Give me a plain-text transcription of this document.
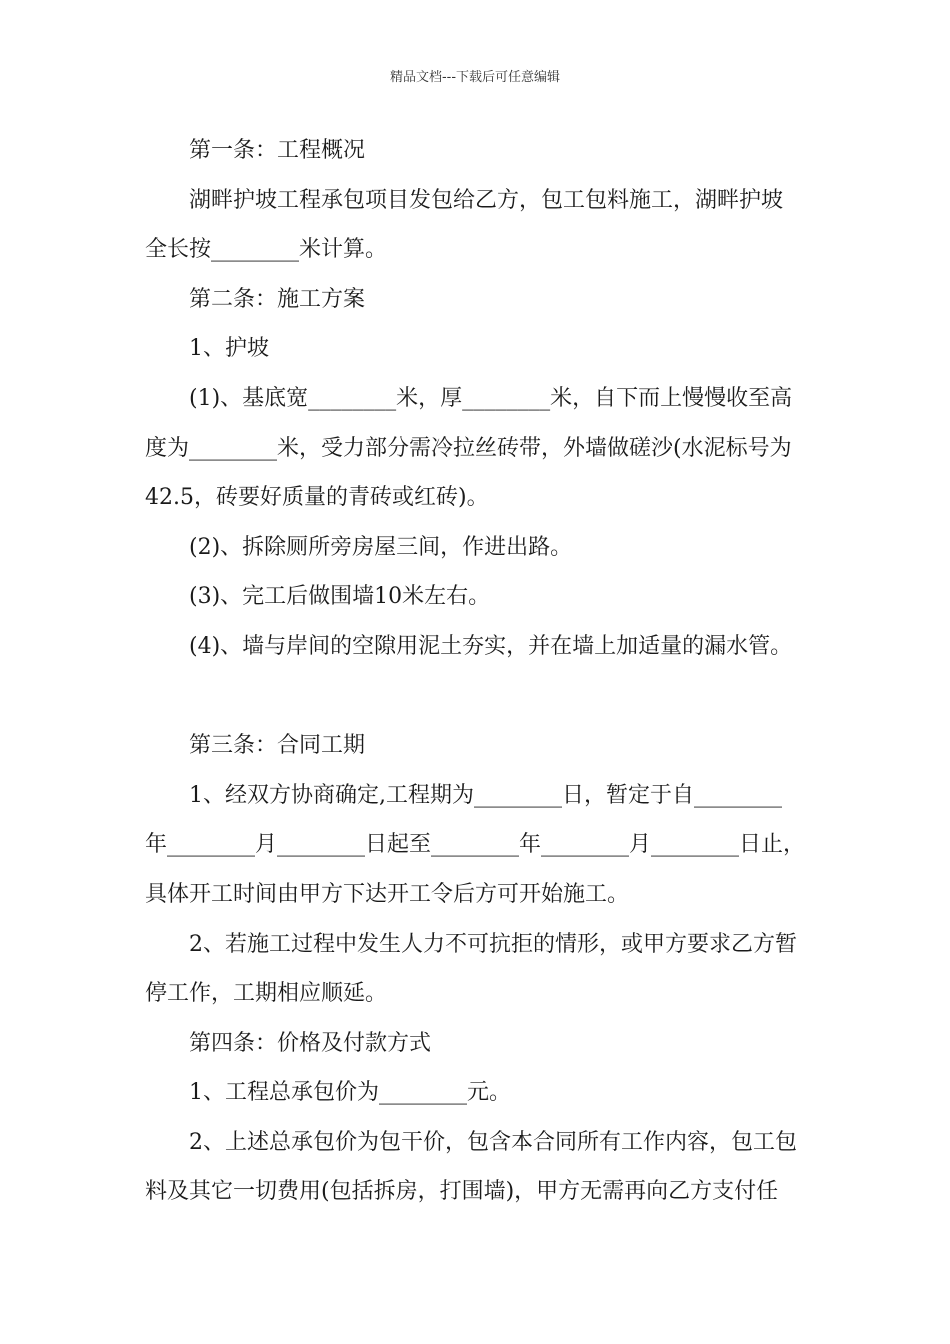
精品文档---下载后可任意编辑

第一条：工程概况

湖畔护坡工程承包项目发包给乙方，包工包料施工，湖畔护坡

全长按________米计算。

第二条：施工方案

1、护坡

(1)、基底宽________米，厚________米，自下而上慢慢收至高

度为________米，受力部分需冷拉丝砖带，外墙做磋沙(水泥标号为

42.5，砖要好质量的青砖或红砖)。

(2)、拆除厕所旁房屋三间，作进出路。

(3)、完工后做围墙10米左右。

(4)、墙与岸间的空隙用泥土夯实，并在墙上加适量的漏水管。

第三条：合同工期

1、经双方协商确定,工程期为________日，暂定于自________

年________月________日起至________年________月________日止，

具体开工时间由甲方下达开工令后方可开始施工。

2、若施工过程中发生人力不可抗拒的情形，或甲方要求乙方暂

停工作，工期相应顺延。

第四条：价格及付款方式

1、工程总承包价为________元。

2、上述总承包价为包干价，包含本合同所有工作内容，包工包

料及其它一切费用(包括拆房，打围墙)，甲方无需再向乙方支付任
